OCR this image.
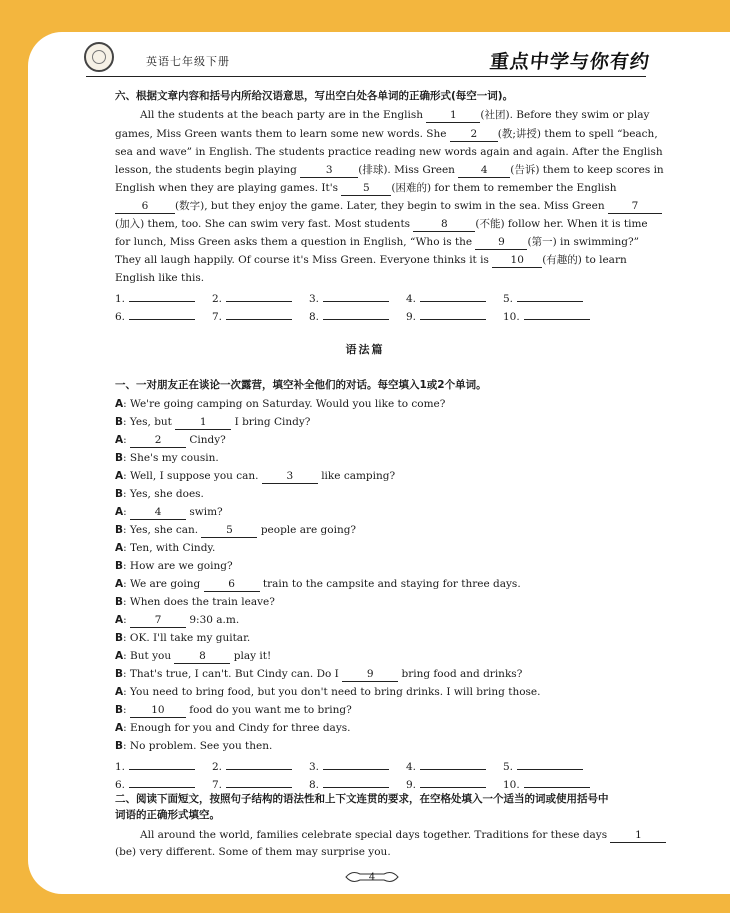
英语七年级下册	重点中学与你有约
六、根据文章内容和括号内所给汉语意思，写出空白处各单词的正确形式(每空一词)。
All the students at the beach party are in the English 1 (社团). Before they swim or play
games, Miss Green wants them to learn some new words. She 2 (教;讲授) them to spell “beach,
sea and wave” in English. The students practice reading new words again and again. After the English
lesson, the students begin playing 3 (排球). Miss Green 4 (告诉) them to keep scores in
English when they are playing games. It's 5 (困难的) for them to remember the English
6	(数字), but they enjoy the game. Later, they begin to swim in the sea. Miss Green 7
(加入) them, too. She can swim very fast. Most students	8	(不能) follow her. When it is time
for lunch, Miss Green asks them a question in English, “Who is the 9 (第一) in swimming?”
They all laugh happily. Of course it's Miss Green. Everyone thinks it is 10 (有趣的) to learn
English like this.
1.	2.	3.	4.	5.
6.	7.	8.	9.	10.
语法篇
一、一对朋友正在谈论一次露营，填空补全他们的对话。每空填入1或2个单词。
A: We're going camping on Saturday. Would you like to come?
B: Yes, but 1 I bring Cindy?
A: 2 Cindy?
B: She's my cousin.
A: Well, I suppose you can. 3 like camping?
B: Yes, she does.
A: 4 swim?
B: Yes, she can. 5 people are going?
A: Ten, with Cindy.
B: How are we going?
A: We are going 6 train to the campsite and staying for three days.
B: When does the train leave?
A: 7 9:30 a.m.
B: OK. I'll take my guitar.
A: But you 8 play it!
B: That's true, I can't. But Cindy can. Do I 9 bring food and drinks?
A: You need to bring food, but you don't need to bring drinks. I will bring those.
B: 10 food do you want me to bring?
A: Enough for you and Cindy for three days.
B: No problem. See you then.
1.	2.	3.	4.	5.
6.	7.	8.	9.	10.
二、阅读下面短文，按照句子结构的语法性和上下文连贯的要求，在空格处填入一个适当的词或使用括号中
词语的正确形式填空。
All around the world, families celebrate special days together. Traditions for these days 1
(be) very different. Some of them may surprise you.
4
